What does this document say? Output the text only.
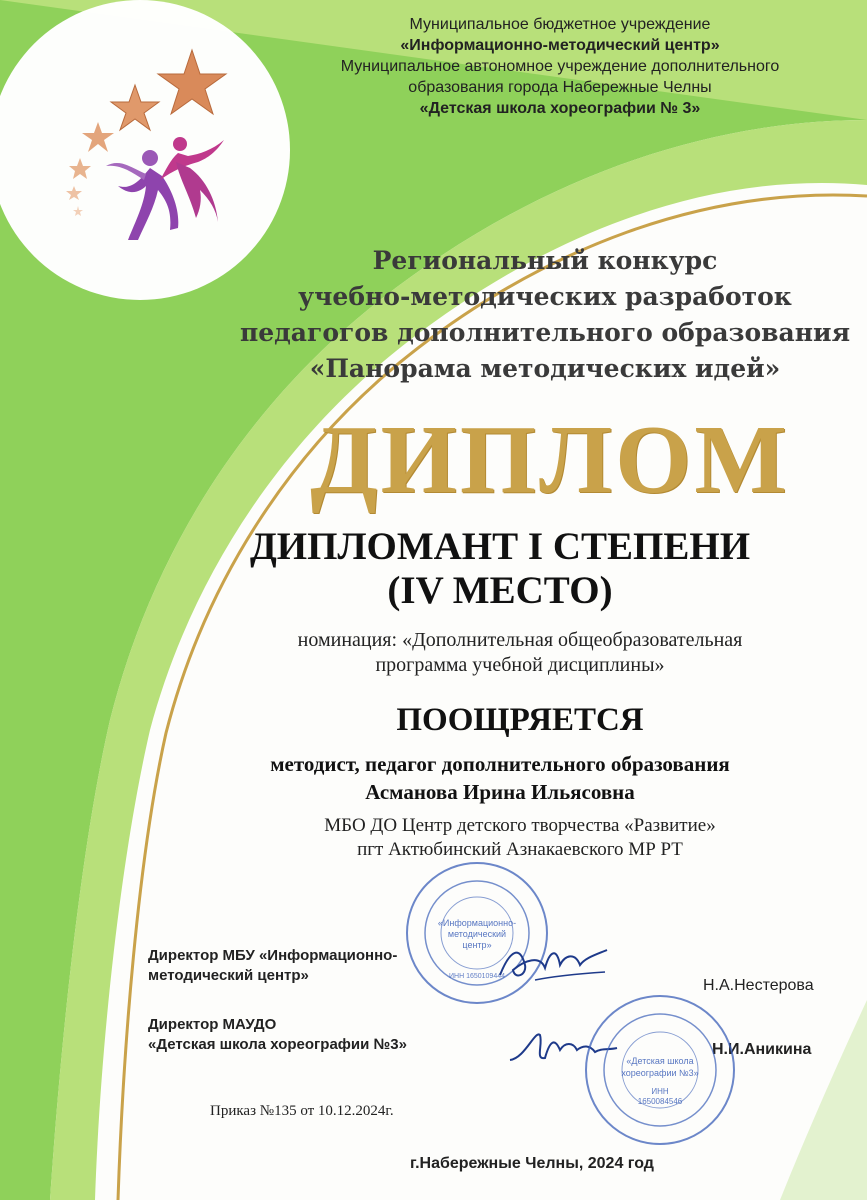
Муниципальное бюджетное учреждение
«Информационно-методический центр»
Муниципальное автономное учреждение дополнительного
образования города Набережные Челны
«Детская школа хореографии № 3»
Региональный конкурс
учебно-методических разработок
педагогов дополнительного образования
«Панорама методических идей»
ДИПЛОМ
ДИПЛОМАНТ I СТЕПЕНИ
(IV МЕСТО)
номинация: «Дополнительная общеобразовательная
программа учебной дисциплины»
ПООЩРЯЕТСЯ
методист, педагог дополнительного образования
Асманова Ирина Ильясовна
МБО ДО Центр детского творчества «Развитие»
пгт Актюбинский Азнакаевского МР РТ
«Информационно-
методический
центр»
ИНН 1650109444
Директор МБУ «Информационно-
методический центр»
Н.А.Нестерова
Директор МАУДО
«Детская школа хореографии №3»	Н.И.Аникина
«Детская школа
хореографии №3»
ИНН
1650084546
Приказ №135 от 10.12.2024г.
г.Набережные Челны, 2024 год
